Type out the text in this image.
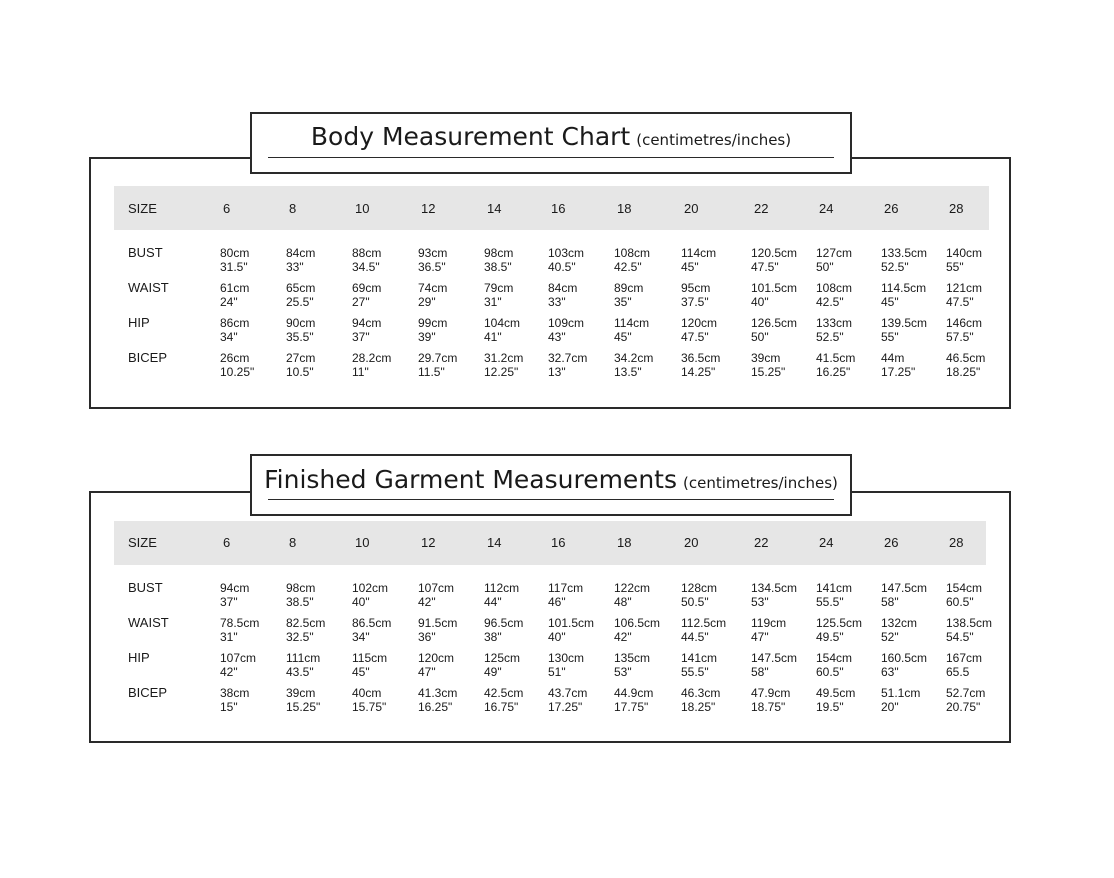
Body Measurement Chart (centimetres/inches)
SIZE	6	8	10	12	14	16	18	20	22	24	26	28
BUST	80cm	84cm	88cm	93cm	98cm	103cm 108cm	114cm	120.5cm 127cm 133.5cm 140cm
31.5"	33"	34.5"	36.5"	38.5"	40.5"	42.5"	45"	47.5"	50"	52.5"	55"
WAIST	61cm	65cm	69cm	74cm	79cm	84cm	89cm	95cm	101.5cm 108cm 114.5cm 121cm
24"	25.5"	27"	29"	31"	33"	35"	37.5"	40"	42.5"	45"	47.5"
HIP	86cm	90cm	94cm	99cm	104cm 109cm 114cm	120cm	126.5cm 133cm 139.5cm 146cm
34"	35.5"	37"	39"	41"	43"	45"	47.5"	50"	52.5"	55"	57.5"
BICEP	26cm	27cm	28.2cm 29.7cm 31.2cm 32.7cm 34.2cm 36.5cm	39cm	41.5cm 44m	46.5cm
10.25"	10.5"	11"	11.5"	12.25" 13"	13.5"	14.25"	15.25"	16.25"	17.25"	18.25"
Finished Garment Measurements (centimetres/inches)
SIZE	6	8	10	12	14	16	18	20	22	24	26	28
BUST	94cm	98cm	102cm 107cm 112cm 117cm	122cm	128cm	134.5cm 141cm 147.5cm 154cm
37"	38.5"	40"	42"	44"	46"	48"	50.5"	53"	55.5"	58"	60.5"
WAIST	78.5cm 82.5cm 86.5cm 91.5cm 96.5cm 101.5cm 106.5cm 112.5cm 119cm 125.5cm 132cm 138.5cm
31"	32.5"	34"	36"	38"	40"	42"	44.5"	47"	49.5"	52"	54.5"
HIP	107cm 111cm	115cm	120cm 125cm 130cm 135cm	141cm	147.5cm 154cm 160.5cm 167cm
42"	43.5"	45"	47"	49"	51"	53"	55.5"	58"	60.5"	63"	65.5
BICEP	38cm	39cm	40cm	41.3cm 42.5cm 43.7cm 44.9cm 46.3cm	47.9cm 49.5cm 51.1cm 52.7cm
15"	15.25"	15.75"	16.25"	16.75" 17.25"	17.75"	18.25"	18.75"	19.5"	20"	20.75"
